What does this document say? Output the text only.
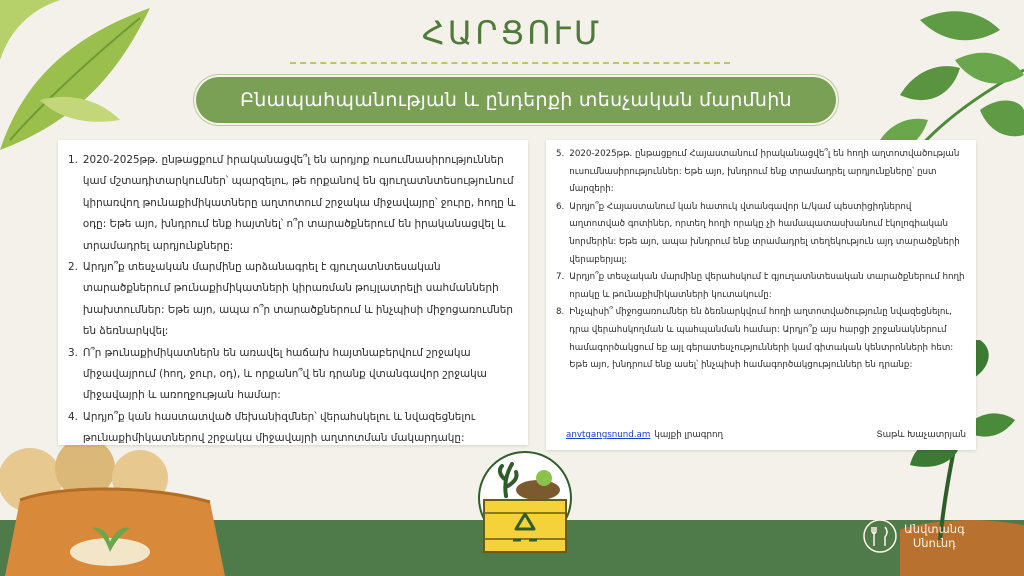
ՀԱՐՑՈՒՄ
Բնապահպանության և ընդերքի տեսչական մարմնին
1. 2020-2025թթ. ընթացքում իրականացվե՞լ են արդյոք ուսումնասիրություններ կամ մշտադիտարկումներ՝ պարզելու, թե որքանով են գյուղատնտեսությունում կիրառվող թունաքիմիկատները աղտոտում շրջակա միջավայրը՝ ջուրը, հողը և օդը: Եթե այո, խնդրում ենք հայտնել՝ ո՞ր տարածքներում են իրականացվել և տրամադրել արդյունքները:
2. Արդյո՞ք տեսչական մարմինը արձանագրել է գյուղատնտեսական տարածքներում թունաքիմիկատների կիրառման թույլատրելի սահմանների խախտումներ: Եթե այո, ապա ո՞ր տարածքներում և ինչպիսի միջոցառումներ են ձեռնարկվել:
3. Ո՞ր թունաքիմիկատներն են առավել հաճախ հայտնաբերվում շրջակա միջավայրում (հող, ջուր, օդ), և որքանո՞վ են դրանք վտանգավոր շրջակա միջավայրի և առողջության համար:
4. Արդյո՞ք կան հաստատված մեխանիզմներ՝ վերահսկելու և նվազեցնելու թունաքիմիկատներով շրջակա միջավայրի աղտոտման մակարդակը:
5. 2020-2025թթ. ընթացքում Հայաստանում իրականացվե՞լ են հողի աղտոտվածության ուսումնասիրություններ: Եթե այո, խնդրում ենք տրամադրել արդյունքները՝ ըստ մարզերի:
6. Արդյո՞ք Հայաստանում կան հատուկ վտանգավոր և/կամ պեստիցիդներով աղտոտված գոտիներ, որտեղ հողի որակը չի համապատասխանում էկոլոգիական նորմերին: Եթե այո, ապա խնդրում ենք տրամադրել տեղեկություն այդ տարածքների վերաբերյալ:
7. Արդյո՞ք տեսչական մարմինը վերահսկում է գյուղատնտեսական տարածքներում հողի որակը և թունաքիմիկատների կուտակումը:
8. Ինչպիսի՞ միջոցառումներ են ձեռնարկվում հողի աղտոտվածությունը նվազեցնելու, դրա վերահսկողման և պահպանման համար: Արդյո՞ք այս հարցի շրջանակներում համագործակցում եք այլ գերատեսչությունների կամ գիտական կենտրոնների հետ: Եթե այո, խնդրում ենք ասել՝ ինչպիսի համագործակցություններ են դրանք:
anvtgangsnund.am կայքի լրագրող	Տաթև Խաչատրյան
Անվտանգ
Սնունդ
